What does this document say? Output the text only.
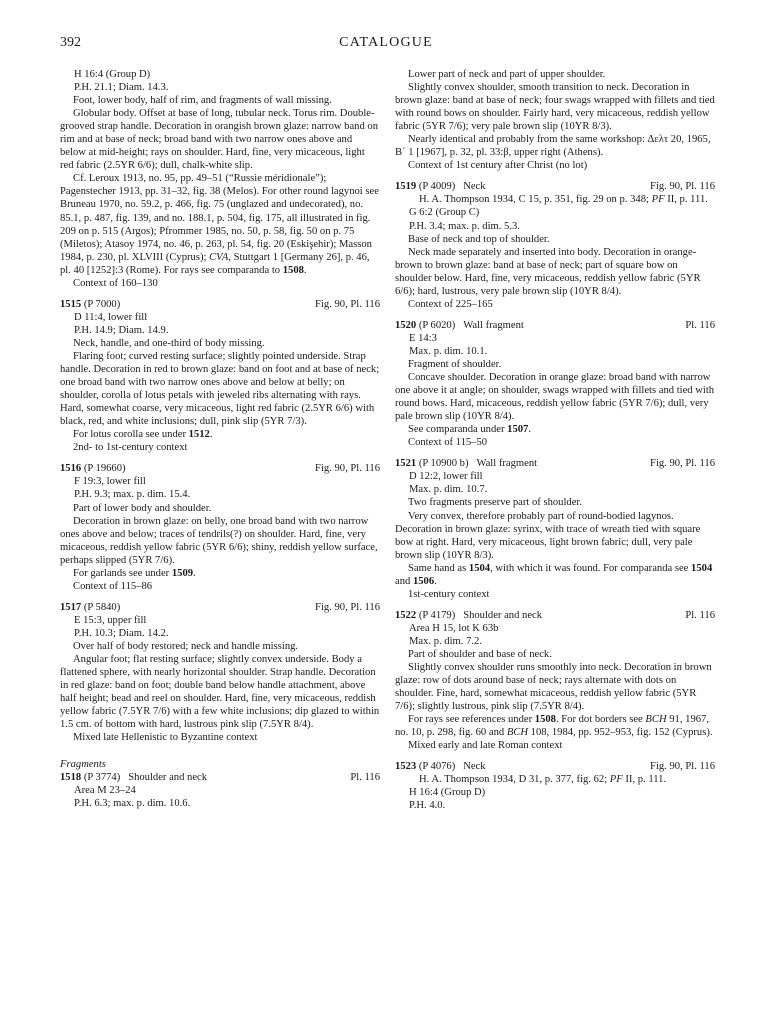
392	CATALOGUE

H 16:4 (Group D)

P.H. 21.1; Diam. 14.3.

Foot, lower body, half of rim, and fragments of wall missing.

Globular body. Offset at base of long, tubular neck. Torus rim. Double-grooved strap handle. Decoration in orangish brown glaze: narrow band on rim and at base of neck; broad band with two narrow ones above and below at mid-height; rays on shoulder. Hard, fine, very micaceous, light red fabric (2.5YR 6/6); dull, chalk-white slip.

Cf. Leroux 1913, no. 95, pp. 49–51 (“Russie méridionale”); Pagenstecher 1913, pp. 31–32, fig. 38 (Melos). For other round lagynoi see Bruneau 1970, no. 59.2, p. 466, fig. 75 (unglazed and undecorated), no. 85.1, p. 487, fig. 139, and no. 188.1, p. 504, fig. 175, all illustrated in fig. 209 on p. 515 (Argos); Pfrommer 1985, no. 50, p. 58, fig. 50 on p. 75 (Miletos); Atasoy 1974, no. 46, p. 263, pl. 54, fig. 20 (Eskişehir); Masson 1984, p. 230, pl. XLVIII (Cyprus); CVA, Stuttgart 1 [Germany 26], p. 46, pl. 40 [1252]:3 (Rome). For rays see comparanda to 1508.

Context of 160–130

1515 (P 7000)	Fig. 90, Pl. 116

D 11:4, lower fill

P.H. 14.9; Diam. 14.9.

Neck, handle, and one-third of body missing.

Flaring foot; curved resting surface; slightly pointed underside. Strap handle. Decoration in red to brown glaze: band on foot and at base of neck; one broad band with two narrow ones above and below at belly; on shoulder, corolla of lotus petals with jeweled ribs alternating with rays. Hard, somewhat coarse, very micaceous, light red fabric (2.5YR 6/6) with black, red, and white inclusions; dull, pink slip (5YR 7/3).

For lotus corolla see under 1512.

2nd- to 1st-century context

1516 (P 19660)	Fig. 90, Pl. 116

F 19:3, lower fill

P.H. 9.3; max. p. dim. 15.4.

Part of lower body and shoulder.

Decoration in brown glaze: on belly, one broad band with two narrow ones above and below; traces of tendrils(?) on shoulder. Hard, fine, very micaceous, reddish yellow fabric (5YR 6/6); shiny, reddish yellow surface, perhaps slipped (5YR 7/6).

For garlands see under 1509.

Context of 115–86

1517 (P 5840)	Fig. 90, Pl. 116

E 15:3, upper fill

P.H. 10.3; Diam. 14.2.

Over half of body restored; neck and handle missing.

Angular foot; flat resting surface; slightly convex underside. Body a flattened sphere, with nearly horizontal shoulder. Strap handle. Decoration in red glaze: band on foot; double band below handle attachment, above half height; bead and reel on shoulder. Hard, fine, very micaceous, reddish yellow fabric (7.5YR 7/6) with a few white inclusions; dip glazed to within 1.5 cm. of bottom with hard, lustrous pink slip (7.5YR 8/4).

Mixed late Hellenistic to Byzantine context

Fragments

1518 (P 3774) Shoulder and neck	Pl. 116

Area M 23–24

P.H. 6.3; max. p. dim. 10.6.

Lower part of neck and part of upper shoulder.

Slightly convex shoulder, smooth transition to neck. Decoration in brown glaze: band at base of neck; four swags wrapped with fillets and tied with round bows on shoulder. Fairly hard, very micaceous, reddish yellow fabric (5YR 7/6); very pale brown slip (10YR 8/3).

Nearly identical and probably from the same workshop: Δελτ 20, 1965, Β΄ 1 [1967], p. 32, pl. 33:β, upper right (Athens).

Context of 1st century after Christ (no lot)

1519 (P 4009) Neck	Fig. 90, Pl. 116

H. A. Thompson 1934, C 15, p. 351, fig. 29 on p. 348; PF II, p. 111.

G 6:2 (Group C)

P.H. 3.4; max. p. dim. 5.3.

Base of neck and top of shoulder.

Neck made separately and inserted into body. Decoration in orange-brown to brown glaze: band at base of neck; part of square bow on shoulder below. Hard, fine, very micaceous, reddish yellow fabric (5YR 6/6); hard, lustrous, very pale brown slip (10YR 8/4).

Context of 225–165

1520 (P 6020) Wall fragment	Pl. 116

E 14:3

Max. p. dim. 10.1.

Fragment of shoulder.

Concave shoulder. Decoration in orange glaze: broad band with narrow one above it at angle; on shoulder, swags wrapped with fillets and tied with round bows. Hard, micaceous, reddish yellow fabric (5YR 7/6); dull, very pale brown slip (10YR 8/4).

See comparanda under 1507.

Context of 115–50

1521 (P 10900 b) Wall fragment	Fig. 90, Pl. 116

D 12:2, lower fill

Max. p. dim. 10.7.

Two fragments preserve part of shoulder.

Very convex, therefore probably part of round-bodied lagynos. Decoration in brown glaze: syrinx, with trace of wreath tied with square bow at right. Hard, very micaceous, light brown fabric; dull, very pale brown slip (10YR 8/3).

Same hand as 1504, with which it was found. For comparanda see 1504 and 1506.

1st-century context

1522 (P 4179) Shoulder and neck	Pl. 116

Area H 15, lot K 63b

Max. p. dim. 7.2.

Part of shoulder and base of neck.

Slightly convex shoulder runs smoothly into neck. Decoration in brown glaze: row of dots around base of neck; rays alternate with dots on shoulder. Fine, hard, somewhat micaceous, reddish yellow fabric (5YR 7/6); slightly lustrous, pink slip (7.5YR 8/4).

For rays see references under 1508. For dot borders see BCH 91, 1967, no. 10, p. 298, fig. 60 and BCH 108, 1984, pp. 952–953, fig. 152 (Cyprus).

Mixed early and late Roman context

1523 (P 4076) Neck	Fig. 90, Pl. 116

H. A. Thompson 1934, D 31, p. 377, fig. 62; PF II, p. 111.

H 16:4 (Group D)

P.H. 4.0.
